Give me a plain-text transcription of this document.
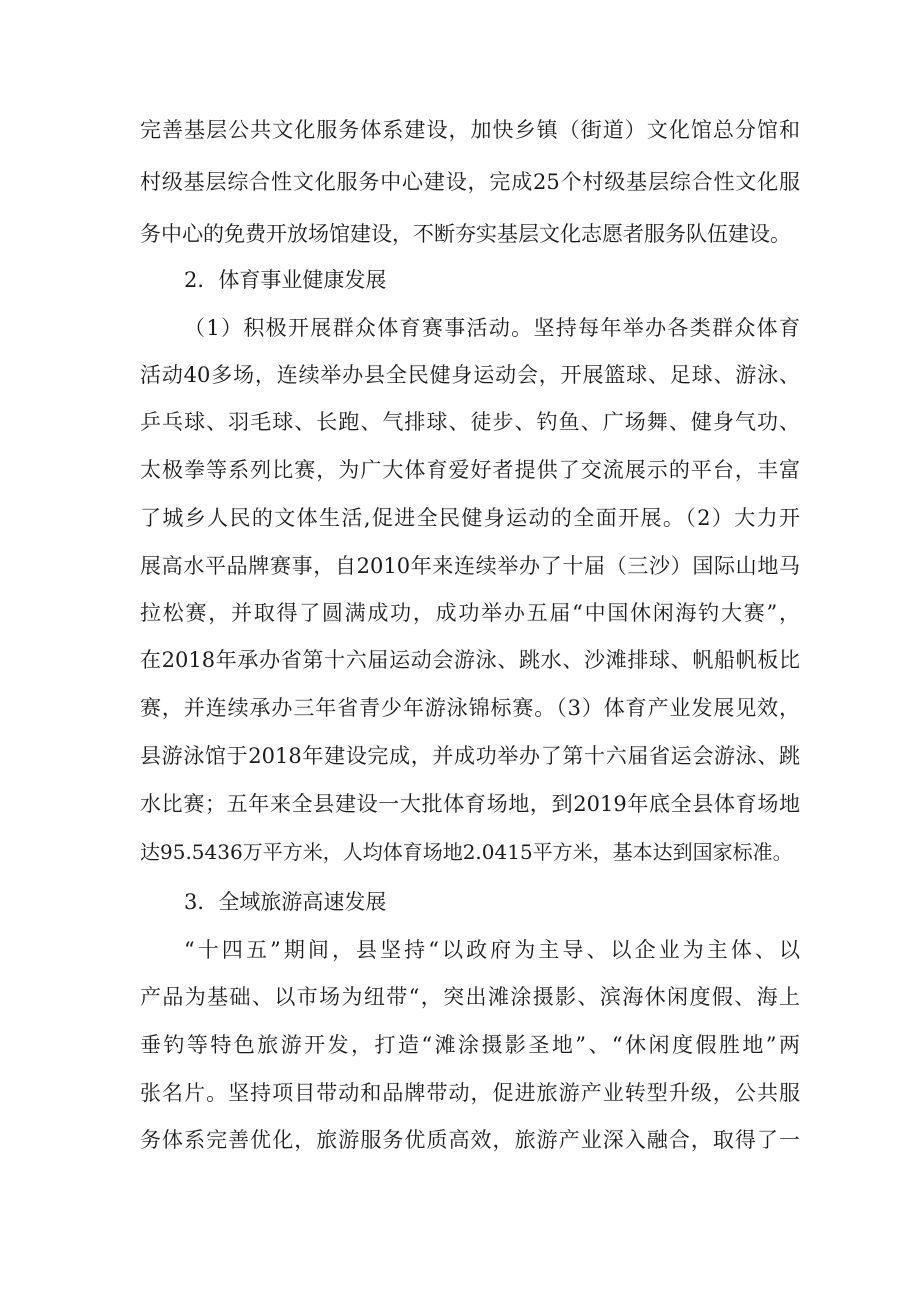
完善基层公共文化服务体系建设，加快乡镇（街道）文化馆总分馆和
村级基层综合性文化服务中心建设，完成25个村级基层综合性文化服
务中心的免费开放场馆建设，不断夯实基层文化志愿者服务队伍建设。
2．体育事业健康发展
（1）积极开展群众体育赛事活动。坚持每年举办各类群众体育
活动40多场，连续举办县全民健身运动会，开展篮球、足球、游泳、
乒乓球、羽毛球、长跑、气排球、徒步、钓鱼、广场舞、健身气功、
太极拳等系列比赛，为广大体育爱好者提供了交流展示的平台，丰富
了城乡人民的文体生活,促进全民健身运动的全面开展。（2）大力开
展高水平品牌赛事，自2010年来连续举办了十届（三沙）国际山地马
拉松赛，并取得了圆满成功，成功举办五届“中国休闲海钓大赛”，
在2018年承办省第十六届运动会游泳、跳水、沙滩排球、帆船帆板比
赛，并连续承办三年省青少年游泳锦标赛。（3）体育产业发展见效，
县游泳馆于2018年建设完成，并成功举办了第十六届省运会游泳、跳
水比赛；五年来全县建设一大批体育场地，到2019年底全县体育场地
达95.5436万平方米，人均体育场地2.0415平方米，基本达到国家标准。
3．全域旅游高速发展
“十四五”期间，县坚持“以政府为主导、以企业为主体、以
产品为基础、以市场为纽带“，突出滩涂摄影、滨海休闲度假、海上
垂钓等特色旅游开发，打造“滩涂摄影圣地”、“休闲度假胜地”两
张名片。坚持项目带动和品牌带动，促进旅游产业转型升级，公共服
务体系完善优化，旅游服务优质高效，旅游产业深入融合，取得了一
